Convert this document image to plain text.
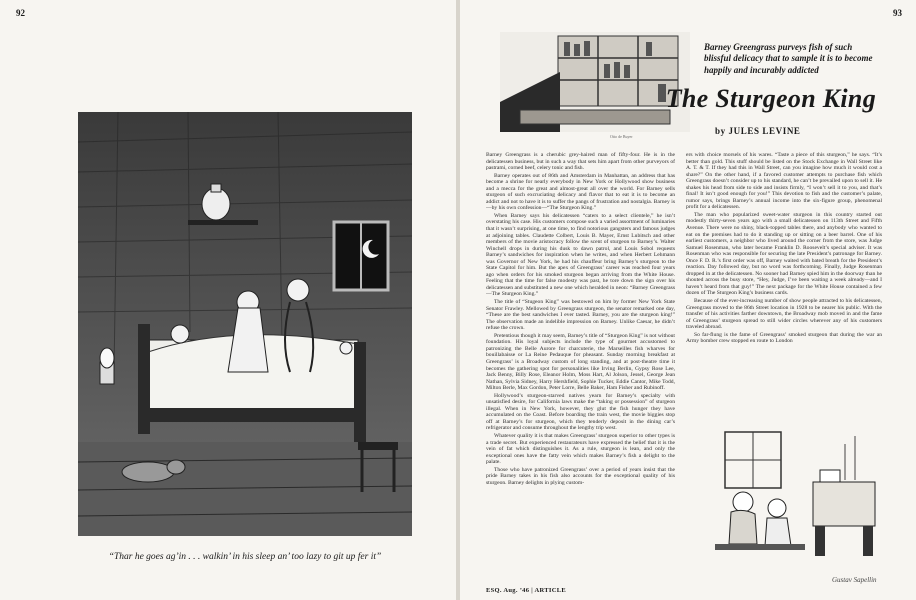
92
“Thar he goes ag’in . . . walkin’ in his sleep an’ too lazy to git up fer it”
93
Otto de Buyer
Barney Greengrass purveys fish of such blissful delicacy that to sample it is to become happily and incurably addicted
The Sturgeon King
by JULES LEVINE

Barney Greengrass is a cherubic grey-haired man of fifty-four. He is in the delicatessen business, but in such a way that sets him apart from other purveyors of pastrami, corned beef, celery tonic and fish.

Barney operates out of 86th and Amsterdam in Manhattan, an address that has become a shrine for nearly everybody in New York or Hollywood show business and a mecca for the great and almost-great all over the world. For Barney sells sturgeon of such excruciating delicacy and flavor that to eat it is to become an addict and not to have it is to suffer the pangs of frustration and nostalgia. Barney is—by his own confession—“The Sturgeon King.”

When Barney says his delicatessen “caters to a select clientele,” he isn’t overstating his case. His customers compose such a varied assortment of luminaries that it wasn’t surprising, at one time, to find notorious gangsters and famous judges at adjoining tables. Claudette Colbert, Louis B. Mayer, Ernst Lubitsch and other members of the movie aristocracy follow the scent of sturgeon to Barney’s. Walter Winchell drops in during his dusk to dawn patrol, and Louis Sobol requests Barney’s sandwiches for inspiration when he writes, and when Herbert Lehmann was Governor of New York, he had his chauffeur bring Barney’s sturgeon to the State Capitol for him. But the apex of Greengrass’ career was reached four years ago when orders for his smoked sturgeon began arriving from the White House. Feeling that the time for false modesty was past, he tore down the sign over his delicatessen and substituted a new one which heralded in neon: “Barney Greengrass—The Sturgeon King.”

The title of “Stugeon King” was bestowed on him by former New York State Senator Frawley. Mellowed by Greengrass sturgeon, the senator remarked one day, “These are the best sandwiches I ever tasted. Barney, you are the sturgeon king!” The observation made an indelible impression on Barney. Unlike Caesar, he didn’t refuse the crown.

Pretentious though it may seem, Barney’s title of “Sturgeon King” is not without foundation. His loyal subjects include the type of gourmet accustomed to patronizing the Belle Aurore for charcuterie, the Marseilles fish wharves for bouillabaisse or La Reine Pedauque for pheasant. Sunday morning breakfast at Greengrass’ is a Broadway custom of long standing, and at post-theatre time it becomes the gathering spot for personalities like Irving Berlin, Gypsy Rose Lee, Jack Benny, Billy Rose, Eleanor Holm, Moss Hart, Al Jolson, Jessel, George Jean Nathan, Sylvia Sidney, Harry Hershfield, Sophie Tucker, Eddie Cantor, Mike Todd, Milton Berle, Max Gordon, Peter Lorre, Belle Baker, Ham Fisher and Rubinoff.

Hollywood’s sturgeon-starved natives yearn for Barney’s specialty with unsatisfied desire, for California laws make the “taking or possession” of sturgeon illegal. When in New York, however, they glut the fish hunger they have accumulated on the Coast. Before boarding the train west, the movie biggies stop off at Barney’s for sturgeon, which they tenderly deposit in the dining car’s refrigerator and consume throughout the lengthy trip west.

Whatever quality it is that makes Greengrass’ sturgeon superior to other types is a trade secret. But experienced restaurateurs have expressed the belief that it is the vein of fat which distinguishes it. As a rule, sturgeon is lean, and only the exceptional ones have the fatty vein which makes Barney’s fish a delight to the palate.

Those who have patronized Greengrass’ over a period of years insist that the pride Barney takes in his fish also accounts for the exceptional quality of his sturgeon. Barney delights in plying custom-

ers with choice morsels of his wares. “Taste a piece of this sturgeon,” he says. “It’s better than gold. This stuff should be listed on the Stock Exchange in Wall Street like A. T. & T. If they had this in Wall Street, can you imagine how much it would cost a share?” On the other hand, if a favored customer attempts to purchase fish which Greengrass doesn’t consider up to his standard, he can’t be prevailed upon to sell it. He shakes his head from side to side and insists firmly, “I won’t sell it to you, and that’s final! It isn’t good enough for you!” This devotion to fish and the customer’s palate, rumor says, brings Barney’s annual income into the six-figure group, phenomenal profit for a delicatessen.

The man who popularized sweet-water sturgeon in this country started out modestly thirty-seven years ago with a small delicatessen on 113th Street and Fifth Avenue. There were no shiny, black-topped tables there, and anybody who wanted to eat on the premises had to do it standing up or sitting on a beer barrel. One of his earliest customers, a neighbor who lived around the corner from the store, was Judge Samuel Rosenman, who later became Franklin D. Roosevelt’s special adviser. It was Rosenman who was responsible for securing the late President’s patronage for Barney. Once F. D. R.’s first order was off, Barney waited with bated breath for the President’s reaction. Day followed day, but no word was forthcoming. Finally, Judge Rosenman dropped in at the delicatessen. No sooner had Barney spied him in the doorway than he shouted across the busy store, “Hey, Judge, I’ve been waiting a week already—and I haven’t heard from that guy!” The next package for the White House contained a few dozen of The Sturgeon King’s business cards.

Because of the ever-increasing number of show people attracted to his delicatessen, Greengrass moved to the 86th Street location in 1928 to be nearer his public. With the transfer of his activities farther downtown, the Broadway mob moved in and the fame of Greengrass’ sturgeon spread to still wider circles wherever any of his customers traveled abroad.

So far-flung is the fame of Greengrass’ smoked sturgeon that during the war an Army bomber crew stopped en route to London

Gustav Sapellin
ESQ. Aug. ’46 | ARTICLE
